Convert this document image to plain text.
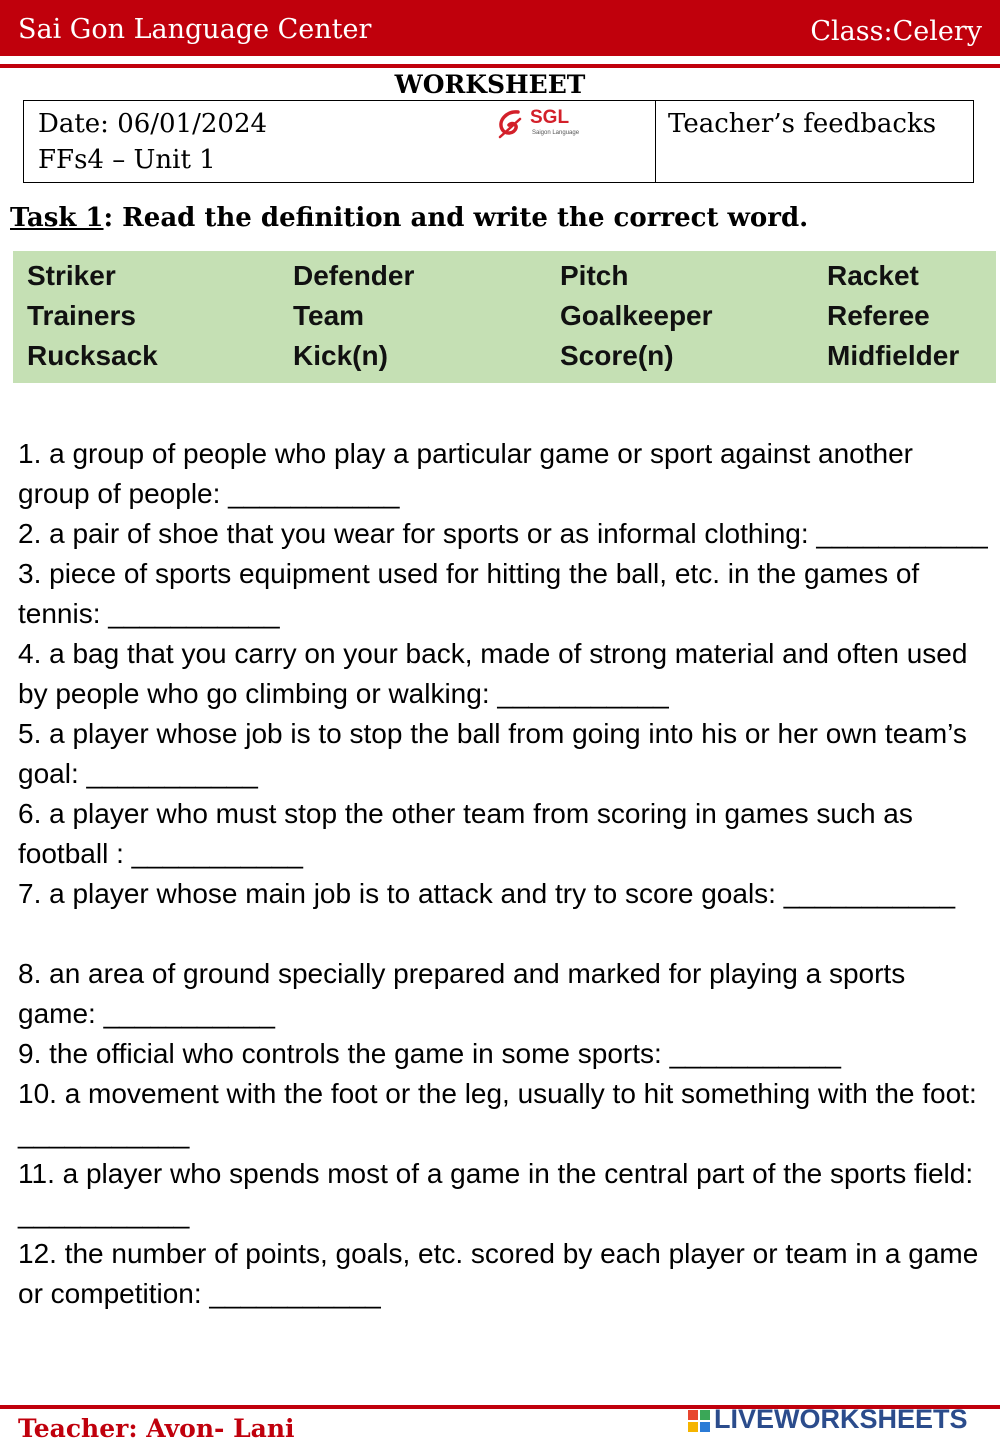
Sai Gon Language Center	Class:Celery
WORKSHEET
Date: 06/01/2024
FFs4 – Unit 1
SGL
Saigon Language	Teacher’s feedbacks
Task 1: Read the definition and write the correct word.
Striker	Defender	Pitch	Racket
Trainers	Team	Goalkeeper	Referee
Rucksack	Kick(n)	Score(n)	Midfielder

1. a group of people who play a particular game or sport against another group of people: ___________

2. a pair of shoe that you wear for sports or as informal clothing: ___________

3. piece of sports equipment used for hitting the ball, etc. in the games of tennis: ___________

4. a bag that you carry on your back, made of strong material and often used by people who go climbing or walking: ___________

5. a player whose job is to stop the ball from going into his or her own team’s goal: ___________

6. a player who must stop the other team from scoring in games such as football : ___________

7. a player whose main job is to attack and try to score goals: ___________

8. an area of ground specially prepared and marked for playing a sports game: ___________

9. the official who controls the game in some sports: ___________

10. a movement with the foot or the leg, usually to hit something with the foot: ___________

11. a player who spends most of a game in the central part of the sports field: ___________

12. the number of points, goals, etc. scored by each player or team in a game or competition: ___________

Teacher: Avon- Lani	LIVEWORKSHEETS
